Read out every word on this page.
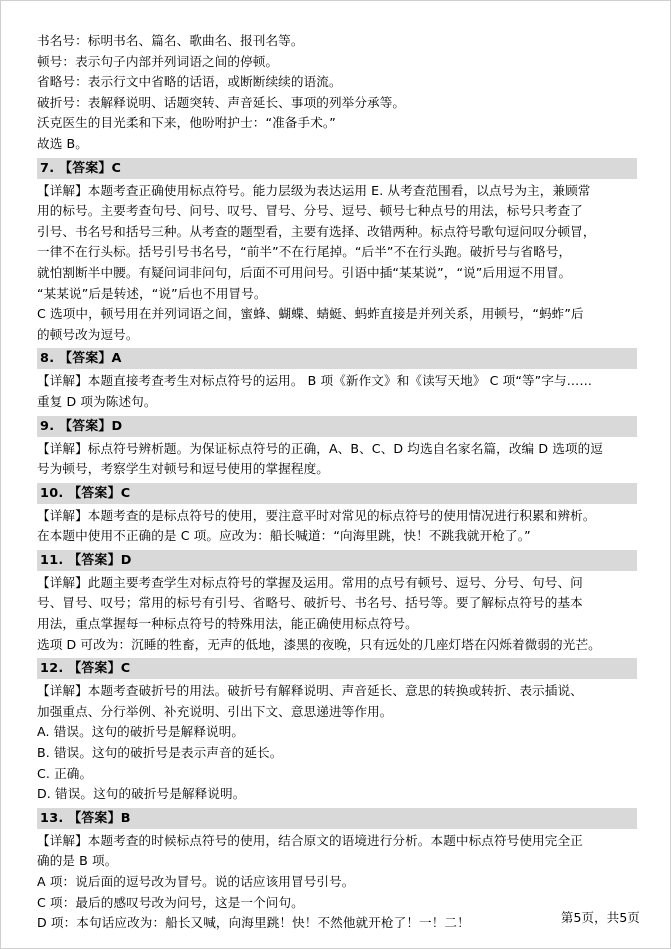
书名号：标明书名、篇名、歌曲名、报刊名等。
顿号：表示句子内部并列词语之间的停顿。
省略号：表示行文中省略的话语，或断断续续的语流。
破折号：表解释说明、话题突转、声音延长、事项的列举分承等。
沃克医生的目光柔和下来，他吩咐护士：“准备手术。”
故选 B。
7. 【答案】C
【详解】本题考查正确使用标点符号。能力层级为表达运用 E. 从考查范围看，以点号为主，兼顾常
用的标号。主要考查句号、问号、叹号、冒号、分号、逗号、顿号七种点号的用法，标号只考查了
引号、书名号和括号三种。从考查的题型看，主要有选择、改错两种。标点符号歌句逗问叹分顿冒，
一律不在行头标。括号引号书名号，“前半”不在行尾掉。“后半”不在行头跑。破折号与省略号，
就怕割断半中腰。有疑问词非问句，后面不可用问号。引语中插“某某说”，“说”后用逗不用冒。
“某某说”后是转述，“说”后也不用冒号。
C 选项中，顿号用在并列词语之间，蜜蜂、蝴蝶、蜻蜓、蚂蚱直接是并列关系，用顿号，“蚂蚱”后
的顿号改为逗号。
8. 【答案】A
【详解】本题直接考查考生对标点符号的运用。 B 项《新作文》和《读写天地》 C 项“等”字与……
重复 D 项为陈述句。
9. 【答案】D
【详解】标点符号辨析题。为保证标点符号的正确，A、B、C、D 均选自名家名篇，改编 D 选项的逗
号为顿号，考察学生对顿号和逗号使用的掌握程度。
10. 【答案】C
【详解】本题考查的是标点符号的使用，要注意平时对常见的标点符号的使用情况进行积累和辨析。
在本题中使用不正确的是 C 项。应改为：船长喊道：“向海里跳，快！不跳我就开枪了。”
11. 【答案】D
【详解】此题主要考查学生对标点符号的掌握及运用。常用的点号有顿号、逗号、分号、句号、问
号、冒号、叹号；常用的标号有引号、省略号、破折号、书名号、括号等。要了解标点符号的基本
用法，重点掌握每一种标点符号的特殊用法，能正确使用标点符号。
选项 D 可改为：沉睡的牲畜，无声的低地，漆黑的夜晚，只有远处的几座灯塔在闪烁着微弱的光芒。
12. 【答案】C
【详解】本题考查破折号的用法。破折号有解释说明、声音延长、意思的转换或转折、表示插说、
加强重点、分行举例、补充说明、引出下文、意思递进等作用。
A. 错误。这句的破折号是解释说明。
B. 错误。这句的破折号是表示声音的延长。
C. 正确。
D. 错误。这句的破折号是解释说明。
13. 【答案】B
【详解】本题考查的时候标点符号的使用，结合原文的语境进行分析。本题中标点符号使用完全正
确的是 B 项。
A 项：说后面的逗号改为冒号。说的话应该用冒号引号。
C 项：最后的感叹号改为问号，这是一个问句。
D 项：本句话应改为：船长又喊，向海里跳！快！不然他就开枪了！一！二！	第5页，共5页
